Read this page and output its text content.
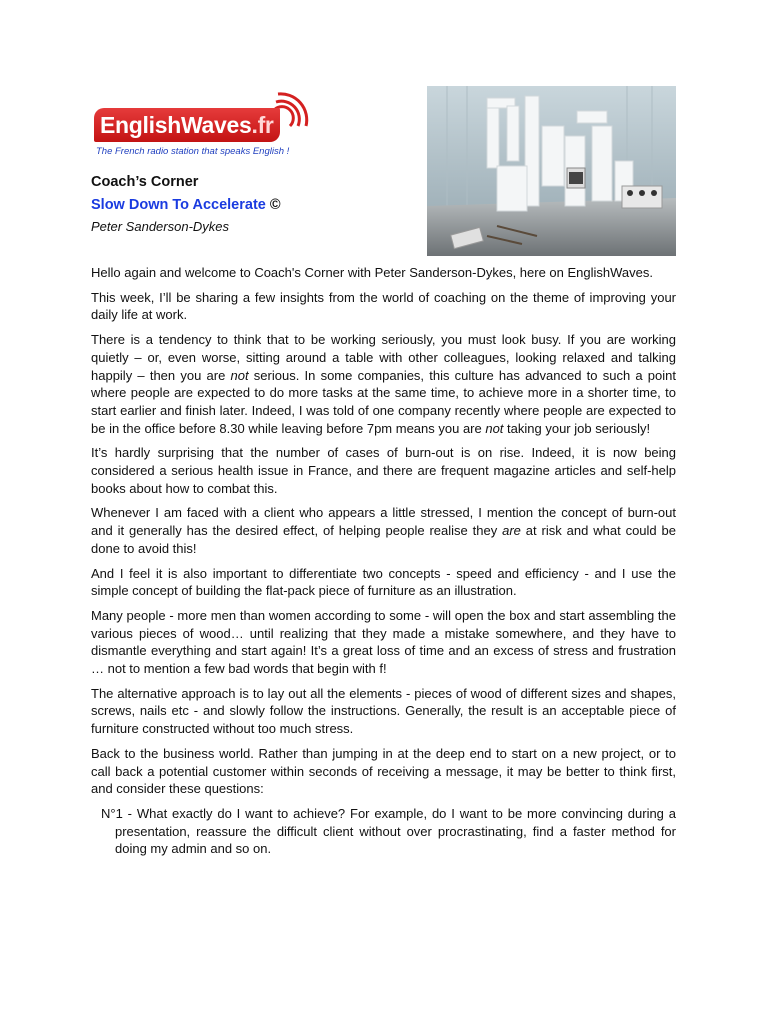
EnglishWaves.fr
The French radio station that speaks English !
Coach’s Corner
Slow Down To Accelerate ©
Peter Sanderson-Dykes

Hello again and welcome to Coach's Corner with Peter Sanderson-Dykes, here on EnglishWaves.

This week, I’ll be sharing a few insights from the world of coaching on the theme of improving your daily life at work.

There is a tendency to think that to be working seriously, you must look busy. If you are working quietly – or, even worse, sitting around a table with other colleagues, looking relaxed and talking happily – then you are not serious. In some companies, this culture has advanced to such a point where people are expected to do more tasks at the same time, to achieve more in a shorter time, to start earlier and finish later. Indeed, I was told of one company recently where people are expected to be in the office before 8.30 while leaving before 7pm means you are not taking your job seriously!

It’s hardly surprising that the number of cases of burn-out is on rise. Indeed, it is now being considered a serious health issue in France, and there are frequent magazine articles and self-help books about how to combat this.

Whenever I am faced with a client who appears a little stressed, I mention the concept of burn-out and it generally has the desired effect, of helping people realise they are at risk and what could be done to avoid this!

And I feel it is also important to differentiate two concepts - speed and efficiency - and I use the simple concept of building the flat-pack piece of furniture as an illustration.

Many people - more men than women according to some - will open the box and start assembling the various pieces of wood… until realizing that they made a mistake somewhere, and they have to dismantle everything and start again! It’s a great loss of time and an excess of stress and frustration … not to mention a few bad words that begin with f!

The alternative approach is to lay out all the elements - pieces of wood of different sizes and shapes, screws, nails etc - and slowly follow the instructions. Generally, the result is an acceptable piece of furniture constructed without too much stress.

Back to the business world. Rather than jumping in at the deep end to start on a new project, or to call back a potential customer within seconds of receiving a message, it may be better to think first, and consider these questions:

N°1 - What exactly do I want to achieve? For example, do I want to be more convincing during a presentation, reassure the difficult client without over procrastinating, find a faster method for doing my admin and so on.
